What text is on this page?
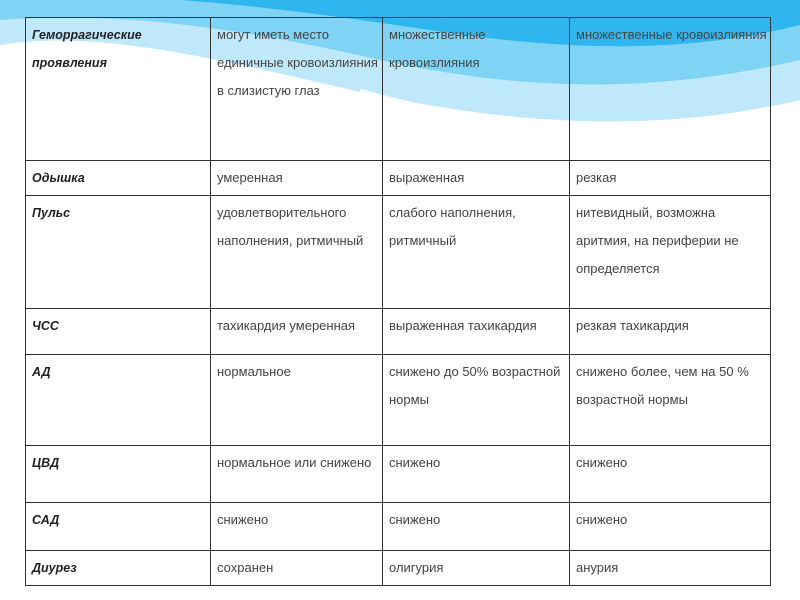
Геморрагические проявления	могут иметь место единичные кровоизлияния в слизистую глаз	множественные кровоизлияния	множественные кровоизлияния
Одышка	умеренная	выраженная	резкая
Пульс	удовлетворительного наполнения, ритмичный	слабого наполнения, ритмичный	нитевидный, возможна аритмия, на периферии не определяется
ЧСС	тахикардия умеренная	выраженная тахикардия	резкая тахикардия
АД	нормальное	снижено до 50% возрастной нормы	снижено более, чем на 50 % возрастной нормы
ЦВД	нормальное или снижено	снижено	снижено
САД	снижено	снижено	снижено
Диурез	сохранен	олигурия	анурия
